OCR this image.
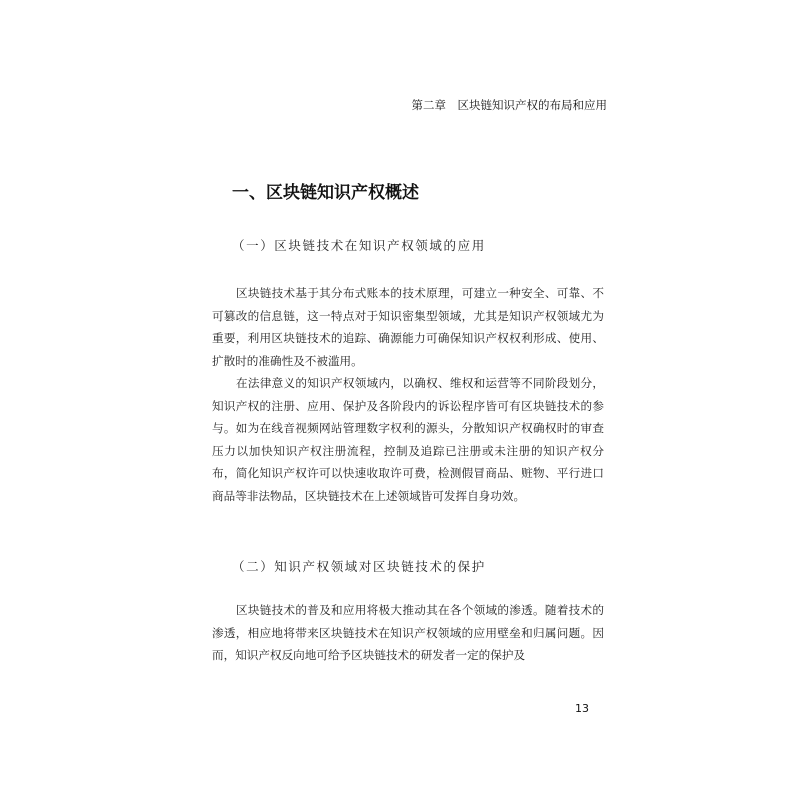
第二章　区块链知识产权的布局和应用
一、区块链知识产权概述
（一）区块链技术在知识产权领域的应用

区块链技术基于其分布式账本的技术原理，可建立一种安全、可靠、不可篡改的信息链，这一特点对于知识密集型领域，尤其是知识产权领域尤为重要，利用区块链技术的追踪、确源能力可确保知识产权权利形成、使用、扩散时的准确性及不被滥用。

在法律意义的知识产权领域内，以确权、维权和运营等不同阶段划分，知识产权的注册、应用、保护及各阶段内的诉讼程序皆可有区块链技术的参与。如为在线音视频网站管理数字权利的源头，分散知识产权确权时的审查压力以加快知识产权注册流程，控制及追踪已注册或未注册的知识产权分布，简化知识产权许可以快速收取许可费，检测假冒商品、赃物、平行进口商品等非法物品，区块链技术在上述领域皆可发挥自身功效。

（二）知识产权领域对区块链技术的保护

区块链技术的普及和应用将极大推动其在各个领域的渗透。随着技术的渗透，相应地将带来区块链技术在知识产权领域的应用壁垒和归属问题。因而，知识产权反向地可给予区块链技术的研发者一定的保护及

13
